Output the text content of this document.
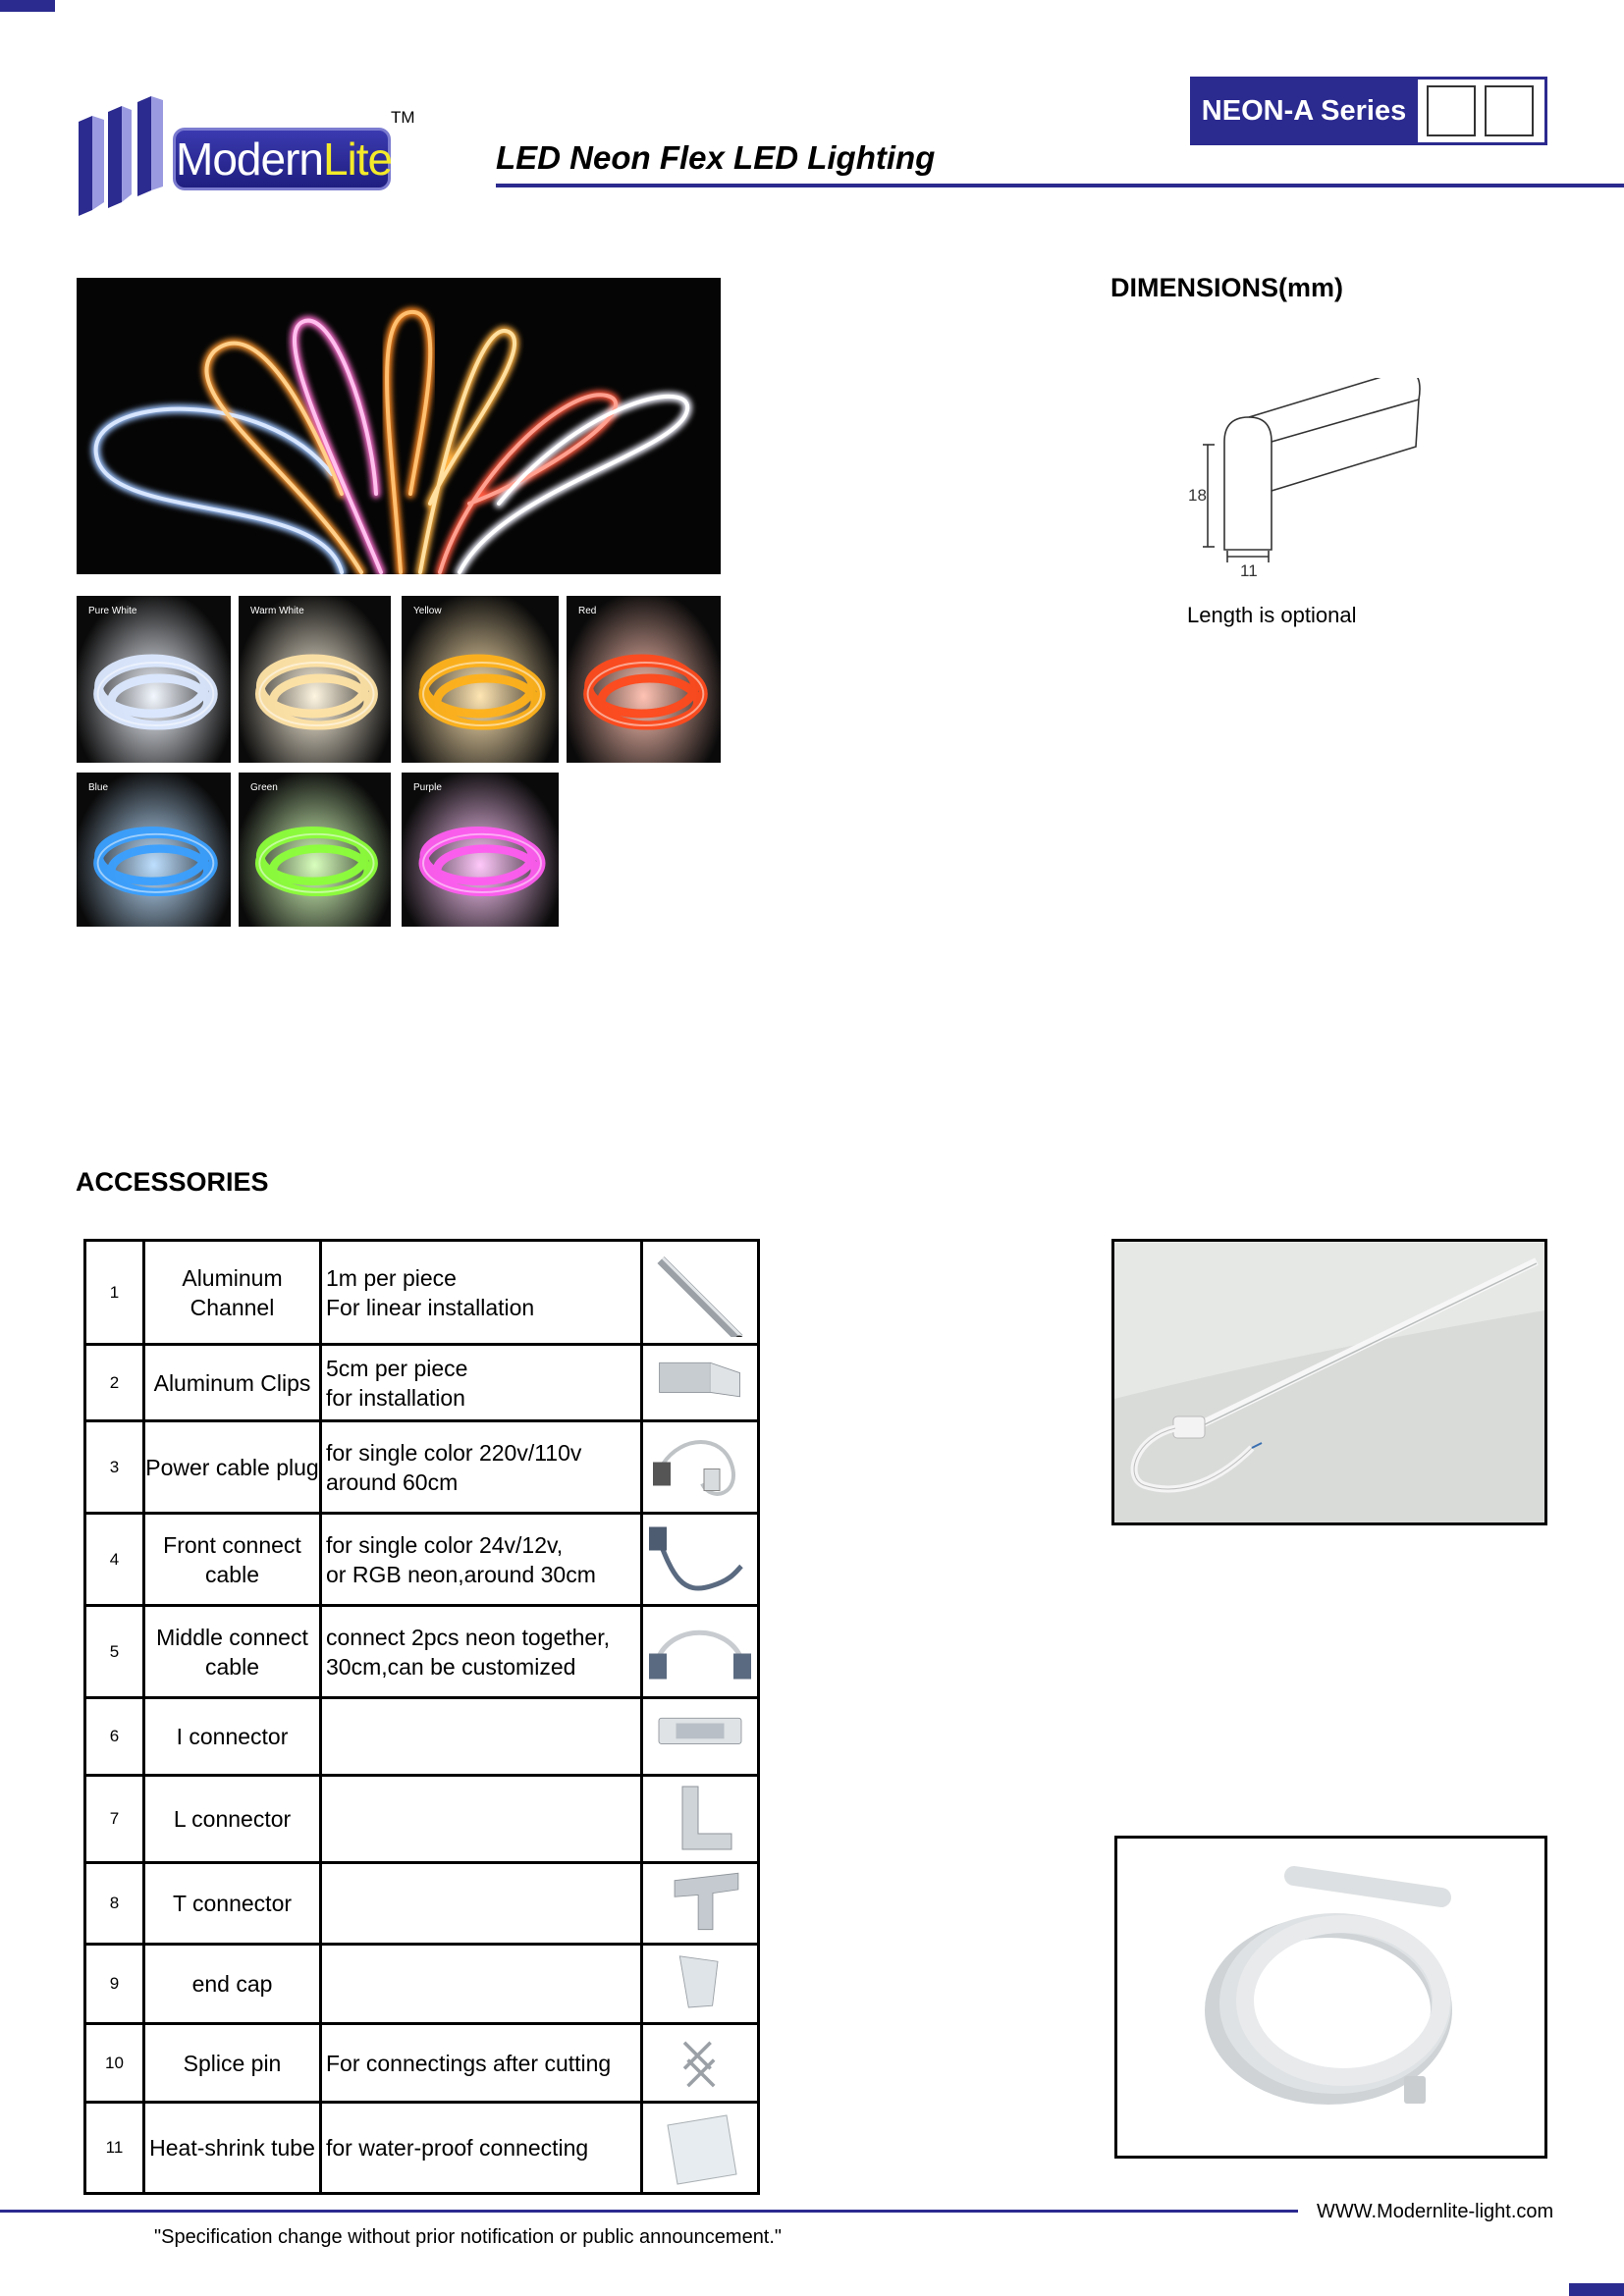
ModernLite
TM
LED Neon Flex LED Lighting
NEON-A Series
Pure White	Warm White	Yellow	Red
Blue	Green	Purple
DIMENSIONS(mm)
18
11
Length is optional
ACCESSORIES
1	Aluminum Channel	1m per piece
For linear installation	
2	Aluminum Clips	5cm per piece
for installation	
3	Power cable plug	for single color 220v/110v
around 60cm	
4	Front connect cable	for single color 24v/12v,
or RGB neon,around 30cm	
5	Middle connect cable	connect 2pcs neon together,
30cm,can be customized	
6	I connector		
7	L connector		
8	T connector		
9	end cap		
10	Splice pin	For connectings after cutting	
11	Heat-shrink tube	for water-proof connecting	
WWW.Modernlite-light.com
"Specification change without prior notification or public announcement."
